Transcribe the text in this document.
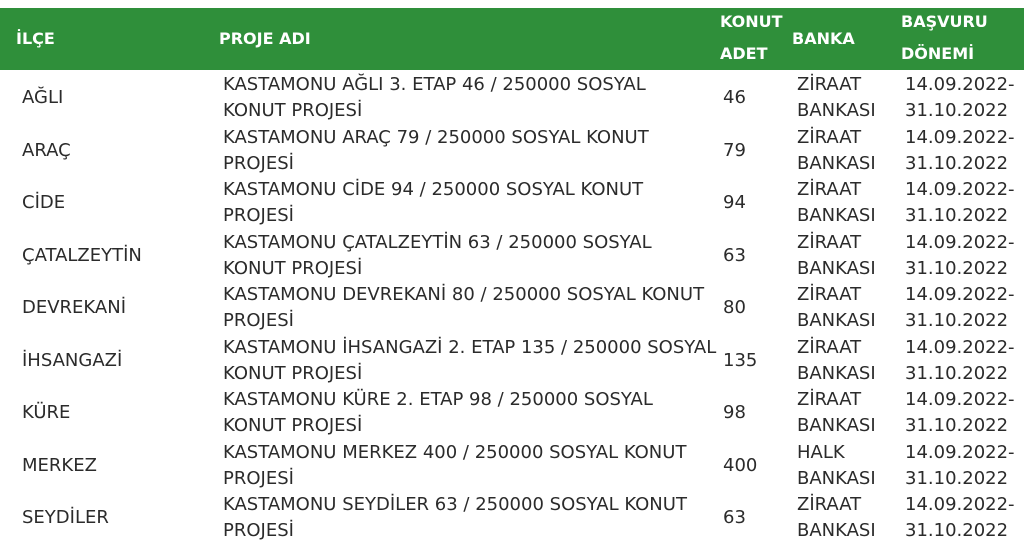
İLÇE	PROJE ADI
KONUT
ADET
BANKA
BAŞVURU
DÖNEMİ
AĞLI
KASTAMONU AĞLI 3. ETAP 46 / 250000 SOSYAL
KONUT PROJESİ
46
ZİRAAT
BANKASI
14.09.2022-
31.10.2022
ARAÇ
KASTAMONU ARAÇ 79 / 250000 SOSYAL KONUT
PROJESİ
79
ZİRAAT
BANKASI
14.09.2022-
31.10.2022
CİDE
KASTAMONU CİDE 94 / 250000 SOSYAL KONUT
PROJESİ
94
ZİRAAT
BANKASI
14.09.2022-
31.10.2022
ÇATALZEYTİN
KASTAMONU ÇATALZEYTİN 63 / 250000 SOSYAL
KONUT PROJESİ
63
ZİRAAT
BANKASI
14.09.2022-
31.10.2022
DEVREKANİ
KASTAMONU DEVREKANİ 80 / 250000 SOSYAL KONUT
PROJESİ
80
ZİRAAT
BANKASI
14.09.2022-
31.10.2022
İHSANGAZİ
KASTAMONU İHSANGAZİ 2. ETAP 135 / 250000 SOSYAL
KONUT PROJESİ
135
ZİRAAT
BANKASI
14.09.2022-
31.10.2022
KÜRE
KASTAMONU KÜRE 2. ETAP 98 / 250000 SOSYAL
KONUT PROJESİ
98
ZİRAAT
BANKASI
14.09.2022-
31.10.2022
MERKEZ
KASTAMONU MERKEZ 400 / 250000 SOSYAL KONUT
PROJESİ
400
HALK
BANKASI
14.09.2022-
31.10.2022
SEYDİLER
KASTAMONU SEYDİLER 63 / 250000 SOSYAL KONUT
PROJESİ
63
ZİRAAT
BANKASI
14.09.2022-
31.10.2022
